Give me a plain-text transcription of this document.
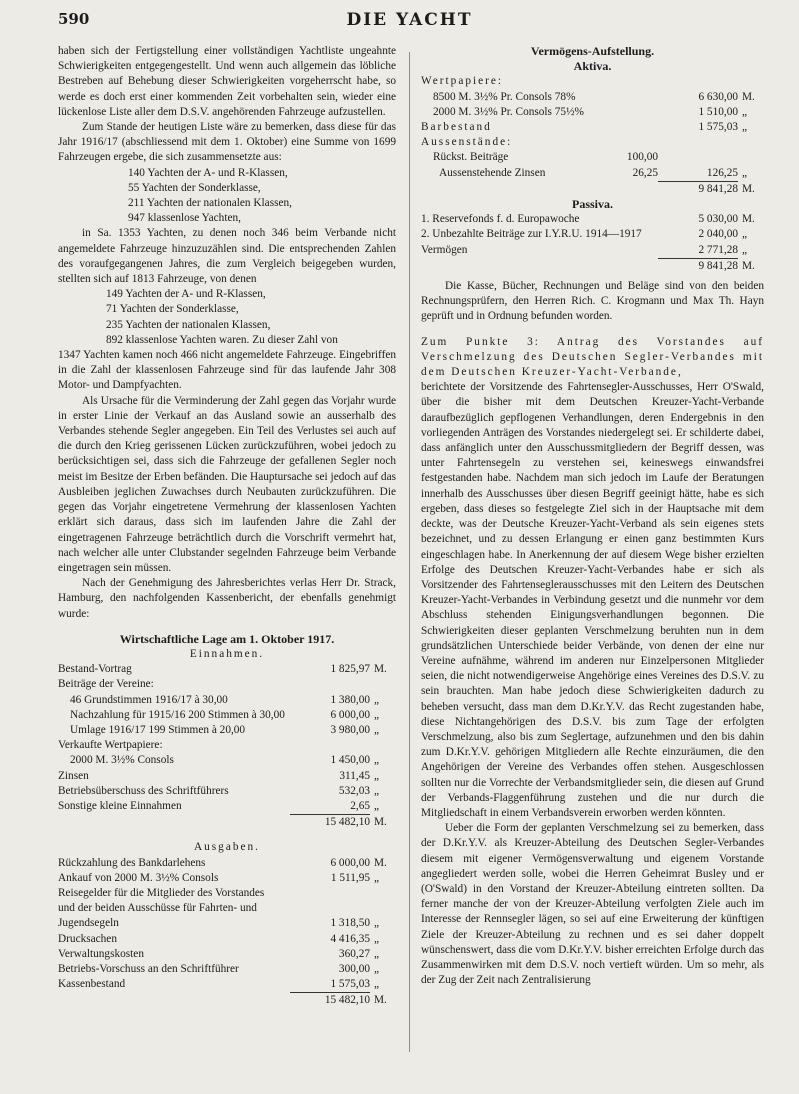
590	DIE YACHT

haben sich der Fertigstellung einer vollständigen Yachtliste ungeahnte Schwierigkeiten entgegengestellt. Und wenn auch allgemein das löbliche Bestreben auf Behebung dieser Schwierigkeiten vorgeherrscht habe, so werde es doch erst einer kommenden Zeit vorbehalten sein, wieder eine lückenlose Liste aller dem D.S.V. angehörenden Fahrzeuge aufzustellen.

Zum Stande der heutigen Liste wäre zu bemerken, dass diese für das Jahr 1916/17 (abschliessend mit dem 1. Oktober) eine Summe von 1699 Fahrzeugen ergebe, die sich zusammensetzte aus:

140 Yachten der A- und R-Klassen,
55 Yachten der Sonderklasse,
211 Yachten der nationalen Klassen,
947 klassenlose Yachten,

in Sa. 1353 Yachten, zu denen noch 346 beim Verbande nicht angemeldete Fahrzeuge hinzuzuzählen sind. Die entsprechenden Zahlen des voraufgegangenen Jahres, die zum Vergleich beigegeben wurden, stellten sich auf 1813 Fahrzeuge, von denen

149 Yachten der A- und R-Klassen,
71 Yachten der Sonderklasse,
235 Yachten der nationalen Klassen,
892 klassenlose Yachten waren. Zu dieser Zahl von

1347 Yachten kamen noch 466 nicht angemeldete Fahrzeuge. Eingebriffen in die Zahl der klassenlosen Fahrzeuge sind für das laufende Jahr 308 Motor- und Dampfyachten.

Als Ursache für die Verminderung der Zahl gegen das Vorjahr wurde in erster Linie der Verkauf an das Ausland sowie an ausserhalb des Verbandes stehende Segler angegeben. Ein Teil des Verlustes sei auch auf die durch den Krieg gerissenen Lücken zurückzuführen, wobei jedoch zu berücksichtigen sei, dass sich die Fahrzeuge der gefallenen Segler noch meist im Besitze der Erben befänden. Die Hauptursache sei jedoch auf das Ausbleiben jeglichen Zuwachses durch Neubauten zurückzuführen. Die gegen das Vorjahr eingetretene Vermehrung der klassenlosen Yachten erklärt sich daraus, dass sich im laufenden Jahre die Zahl der eingetragenen Fahrzeuge beträchtlich durch die Vorschrift vermehrt hat, nach welcher alle unter Clubstander segelnden Fahrzeuge beim Verbande eingetragen sein müssen.

Nach der Genehmigung des Jahresberichtes verlas Herr Dr. Strack, Hamburg, den nachfolgenden Kassenbericht, der ebenfalls genehmigt wurde:

Wirtschaftliche Lage am 1. Oktober 1917.
Einnahmen.
Bestand-Vortrag	1 825,97 M.
Beiträge der Vereine:
46 Grundstimmen 1916/17 à 30,00	1 380,00 „
Nachzahlung für 1915/16 200 Stimmen à 30,00	6 000,00 „
Umlage 1916/17 199 Stimmen à 20,00	3 980,00 „
Verkaufte Wertpapiere:
2000 M. 3½% Consols	1 450,00 „
Zinsen	311,45 „
Betriebsüberschuss des Schriftführers	532,03 „
Sonstige kleine Einnahmen	2,65 „
15 482,10 M.
Ausgaben.
Rückzahlung des Bankdarlehens	6 000,00 M.
Ankauf von 2000 M. 3½% Consols	1 511,95 „
Reisegelder für die Mitglieder des Vorstandes
und der beiden Ausschüsse für Fahrten- und
Jugendsegeln	1 318,50 „
Drucksachen	4 416,35 „
Verwaltungskosten	360,27 „
Betriebs-Vorschuss an den Schriftführer	300,00 „
Kassenbestand	1 575,03 „
15 482,10 M.
Vermögens-Aufstellung.
Aktiva.
Wertpapiere:
8500 M. 3½% Pr. Consols 78%	6 630,00 M.
2000 M. 3½% Pr. Consols 75½%	1 510,00 „
Barbestand	1 575,03 „
Aussenstände:
Rückst. Beiträge	100,00
Aussenstehende Zinsen	26,25	126,25 „
9 841,28 M.
Passiva.
1. Reservefonds f. d. Europawoche	5 030,00 M.
2. Unbezahlte Beiträge zur I.Y.R.U. 1914—1917	2 040,00 „
Vermögen	2 771,28 „
9 841,28 M.

Die Kasse, Bücher, Rechnungen und Beläge sind von den beiden Rechnungsprüfern, den Herren Rich. C. Krogmann und Max Th. Hayn geprüft und in Ordnung befunden worden.

Zum Punkte 3: Antrag des Vorstandes auf Verschmelzung des Deutschen Segler-Verbandes mit dem Deutschen Kreuzer-Yacht-Verbande,

berichtete der Vorsitzende des Fahrtensegler-Ausschusses, Herr O'Swald, über die bisher mit dem Deutschen Kreuzer-Yacht-Verbande daraufbezüglich gepflogenen Verhandlungen, deren Endergebnis in den vorliegenden Anträgen des Vorstandes niedergelegt sei. Er schilderte dabei, dass anfänglich unter den Ausschussmitgliedern der Begriff dessen, was unter Fahrtensegeln zu verstehen sei, keineswegs einwandsfrei festgestanden habe. Nachdem man sich jedoch im Laufe der Beratungen innerhalb des Ausschusses über diesen Begriff geeinigt hätte, habe es sich ergeben, dass dieses so festgelegte Ziel sich in der Hauptsache mit dem deckte, was der Deutsche Kreuzer-Yacht-Verband als sein eigenes stets bezeichnet, und zu dessen Erlangung er einen ganz bestimmten Kurs eingeschlagen habe. In Anerkennung der auf diesem Wege bisher erzielten Erfolge des Deutschen Kreuzer-Yacht-Verbandes habe er sich als Vorsitzender des Fahrtenseglerausschusses mit den Leitern des Deutschen Kreuzer-Yacht-Verbandes in Verbindung gesetzt und die nunmehr vor dem Abschluss stehenden Einigungsverhandlungen begonnen. Die Schwierigkeiten dieser geplanten Verschmelzung beruhten nun in dem grundsätzlichen Unterschiede beider Verbände, von denen der eine nur Vereine aufnähme, während im anderen nur Einzelpersonen Mitglieder seien, die nicht notwendigerweise Angehörige eines Vereines des D.S.V. zu sein brauchten. Man habe jedoch diese Schwierigkeiten dadurch zu beheben versucht, dass man dem D.Kr.Y.V. das Recht zugestanden habe, diese Nichtangehörigen des D.S.V. bis zum Tage der erfolgten Verschmelzung, also bis zum Seglertage, aufzunehmen und den bis dahin zum D.Kr.Y.V. gehörigen Mitgliedern alle Rechte einzuräumen, die den Angehörigen der Vereine des Verbandes offen stehen. Ausgeschlossen sollten nur die Vorrechte der Verbandsmitglieder sein, die diesen auf Grund der Verbands-Flaggenführung zustehen und die nur durch die Mitgliedschaft in einem Verbandsverein erworben werden könnten.

Ueber die Form der geplanten Verschmelzung sei zu bemerken, dass der D.Kr.Y.V. als Kreuzer-Abteilung des Deutschen Segler-Verbandes diesem mit eigener Vermögensverwaltung und eigenem Vorstande angegliedert werden solle, wobei die Herren Geheimrat Busley und er (O'Swald) in den Vorstand der Kreuzer-Abteilung eintreten sollten. Da ferner manche der von der Kreuzer-Abteilung verfolgten Ziele auch im Interesse der Rennsegler lägen, so sei auf eine Erweiterung der künftigen Ziele der Kreuzer-Abteilung zu rechnen und es sei daher doppelt wünschenswert, dass die vom D.Kr.Y.V. bisher erreichten Erfolge durch das Zusammenwirken mit dem D.S.V. noch vertieft würden. Um so mehr, als der Zug der Zeit nach Zentralisierung
